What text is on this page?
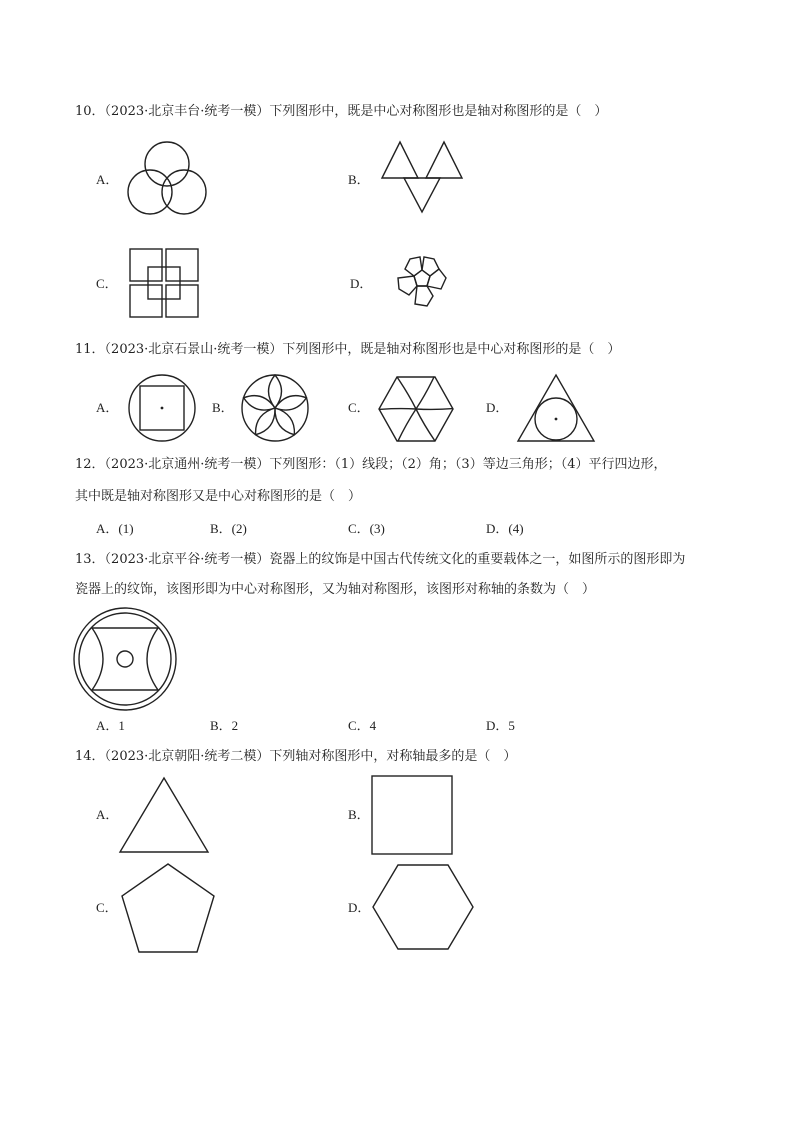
10．（2023·北京丰台·统考一模）下列图形中，既是中心对称图形也是轴对称图形的是（　）
A．	B．
C．	D．
11．（2023·北京石景山·统考一模）下列图形中，既是轴对称图形也是中心对称图形的是（　）
A．	B．	C．	D．
12．（2023·北京通州·统考一模）下列图形：（1）线段；（2）角；（3）等边三角形；（4）平行四边形，
其中既是轴对称图形又是中心对称图形的是（　）
A．(1)	B．(2)	C．(3)	D．(4)
13．（2023·北京平谷·统考一模）瓷器上的纹饰是中国古代传统文化的重要载体之一，如图所示的图形即为
瓷器上的纹饰，该图形即为中心对称图形，又为轴对称图形，该图形对称轴的条数为（　）
A．1	B．2	C．4	D．5
14．（2023·北京朝阳·统考二模）下列轴对称图形中，对称轴最多的是（　）
A．	B．
C．	D．
